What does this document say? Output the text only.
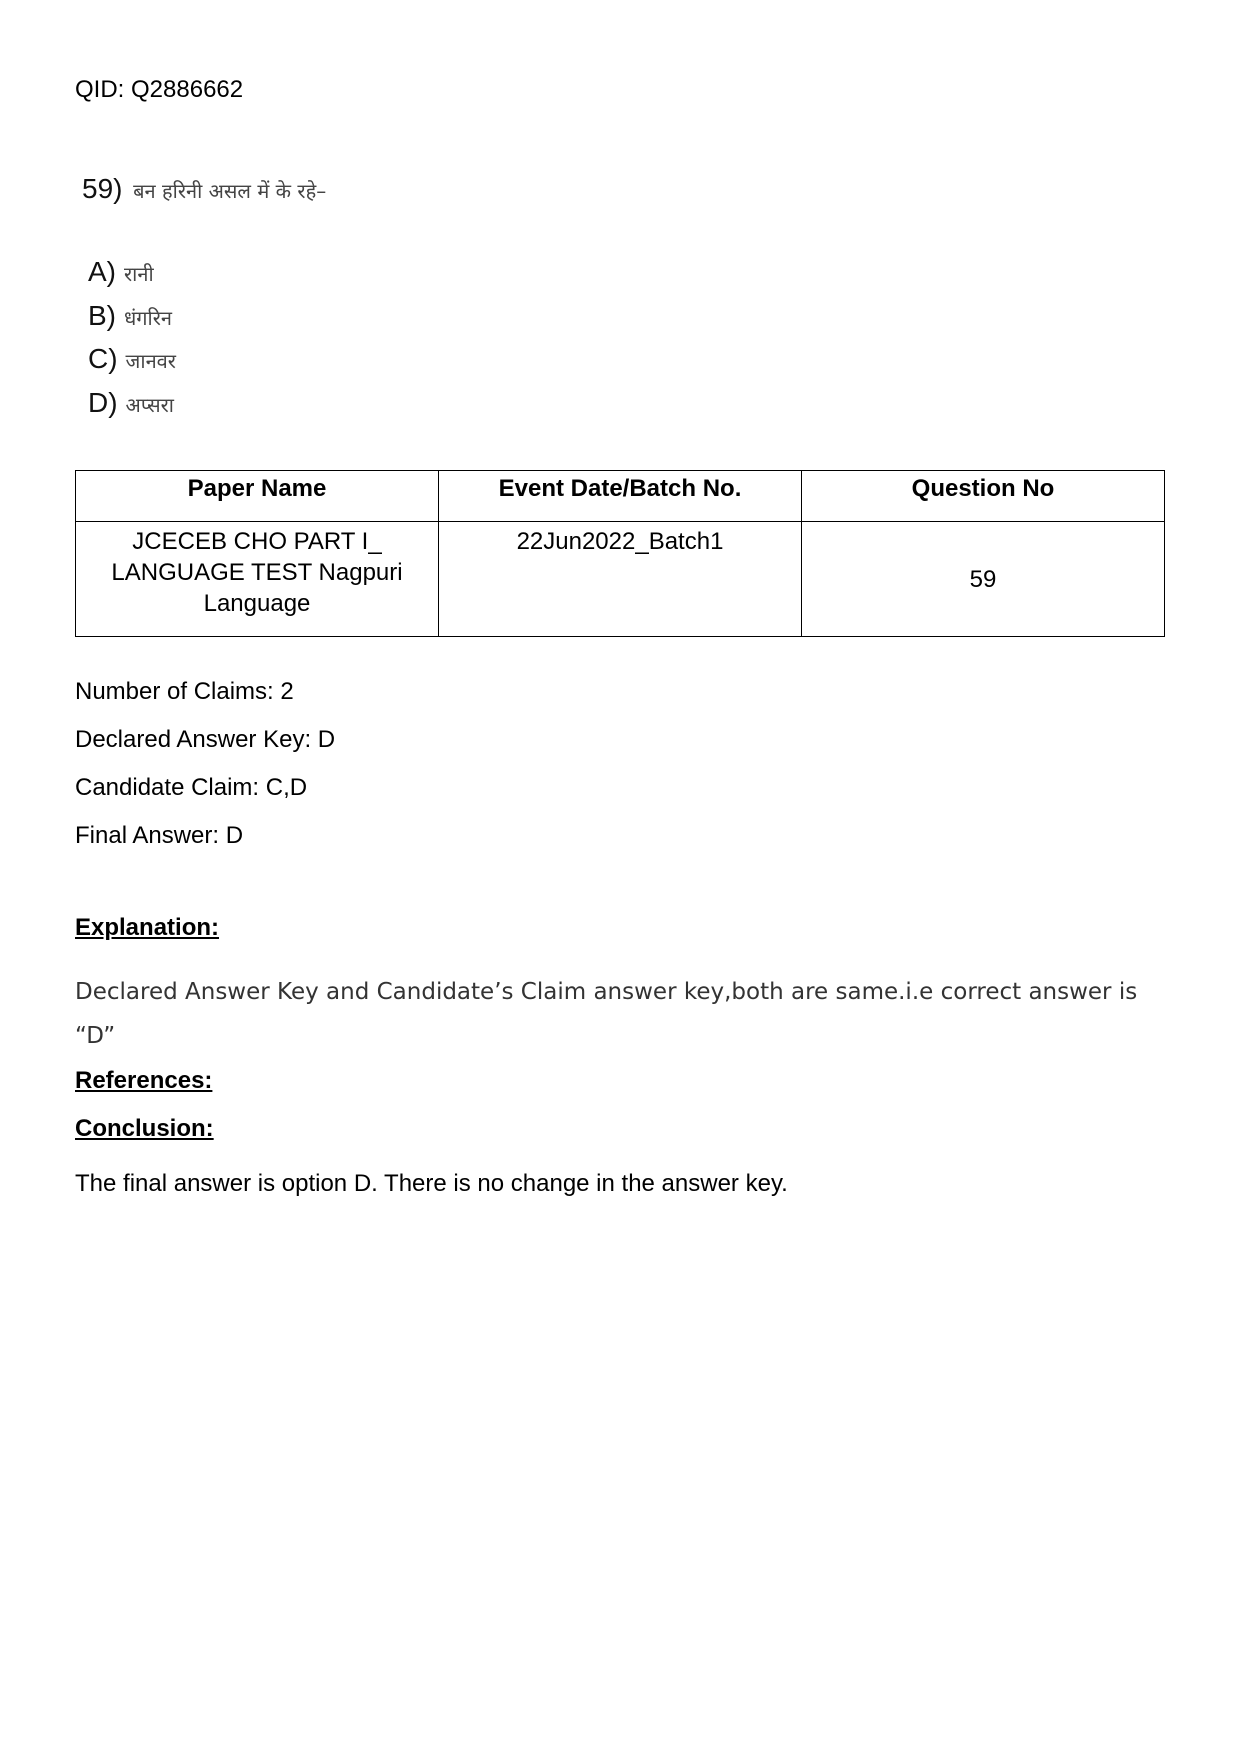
QID: Q2886662
59) बन हरिनी असल में के रहे–
A) रानी
B) धंगरिन
C) जानवर
D) अप्सरा
Paper Name	Event Date/Batch No.	Question No

JCECEB CHO PART I_
LANGUAGE TEST Nagpuri
Language	22Jun2022_Batch1	59
Number of Claims: 2
Declared Answer Key: D
Candidate Claim: C,D
Final Answer: D
Explanation:
Declared Answer Key and Candidate’s Claim answer key,both are same.i.e correct answer is “D”
References:
Conclusion:
The final answer is option D. There is no change in the answer key.
